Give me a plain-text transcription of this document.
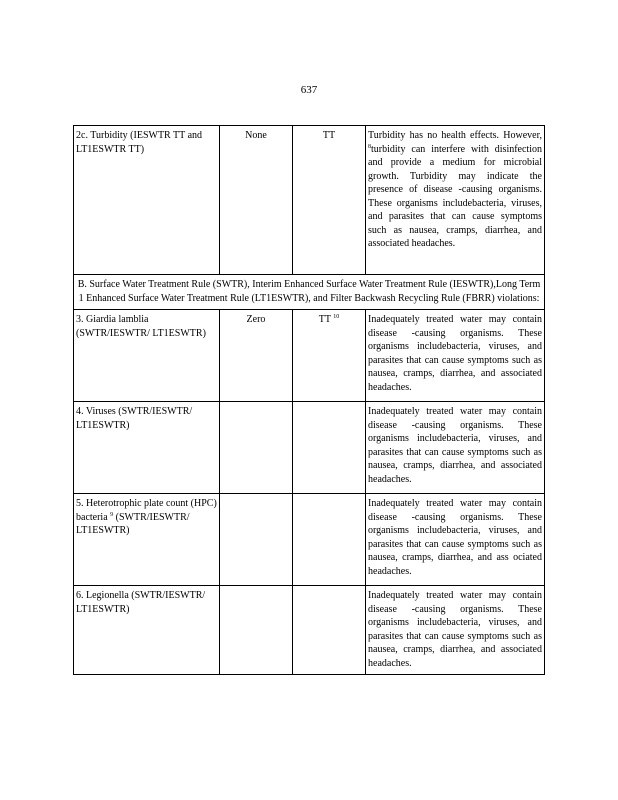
637
2c. Turbidity (IESWTR TT and LT1ESWTR TT)	None	TT	Turbidity has no health effects. However, $^8$turbidity can interfere with disinfection and provide a medium for microbial growth. Turbidity may indicate the presence of disease -causing organisms. These organisms includebacteria, viruses, and parasites that can cause symptoms such as nausea, cramps, diarrhea, and associated headaches.
B. Surface Water Treatment Rule (SWTR), Interim Enhanced Surface Water Treatment Rule (IESWTR),Long Term 1 Enhanced Surface Water Treatment Rule (LT1ESWTR), and Filter Backwash Recycling Rule (FBRR) violations:			
3. Giardia lamblia (SWTR/IESWTR/ LT1ESWTR)	Zero	TT $^{10}$	Inadequately treated water may contain disease -causing organisms. These organisms includebacteria, viruses, and parasites that can cause symptoms such as nausea, cramps, diarrhea, and associated headaches.
4. Viruses (SWTR/IESWTR/ LT1ESWTR)			Inadequately treated water may contain disease -causing organisms. These organisms includebacteria, viruses, and parasites that can cause symptoms such as nausea, cramps, diarrhea, and associated headaches.
5. Heterotrophic plate count (HPC) bacteria $^9$ (SWTR/IESWTR/ LT1ESWTR)			Inadequately treated water may contain disease -causing organisms. These organisms includebacteria, viruses, and parasites that can cause symptoms such as nausea, cramps, diarrhea, and ass ociated headaches.
6. Legionella (SWTR/IESWTR/ LT1ESWTR)			Inadequately treated water may contain disease -causing organisms. These organisms includebacteria, viruses, and parasites that can cause symptoms such as nausea, cramps, diarrhea, and associated headaches.
